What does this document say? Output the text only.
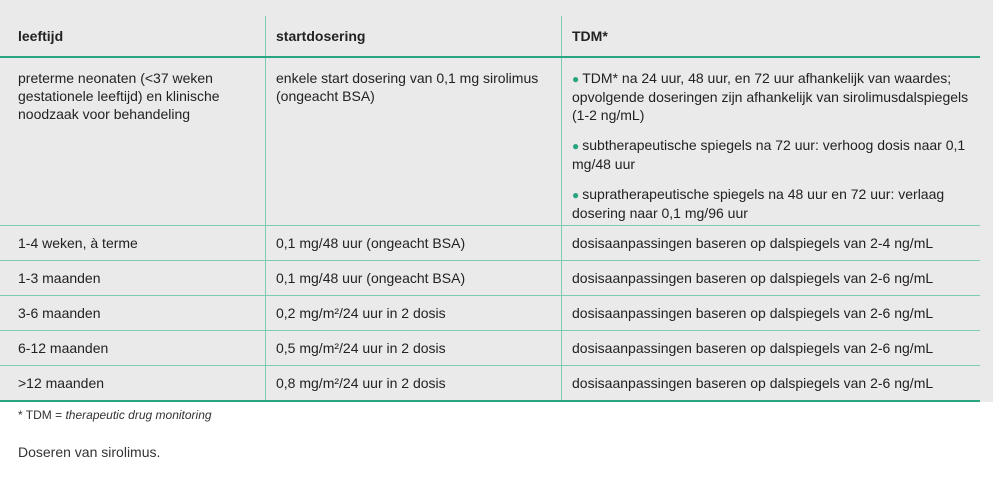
leeftijd	startdosering	TDM*
preterme neonaten (<37 weken gestationele leeftijd) en klinische noodzaak voor behandeling	enkele start dosering van 0,1 mg sirolimus (ongeacht BSA)	● TDM* na 24 uur, 48 uur, en 72 uur afhankelijk van waardes; opvolgende doseringen zijn afhankelijk van sirolimusdalspiegels (1-2 ng/mL)
● subtherapeutische spiegels na 72 uur: verhoog dosis naar 0,1 mg/48 uur
● supratherapeutische spiegels na 48 uur en 72 uur: verlaag dosering naar 0,1 mg/96 uur

1-4 weken, à terme	0,1 mg/48 uur (ongeacht BSA)	dosisaanpassingen baseren op dalspiegels van 2-4 ng/mL
1-3 maanden	0,1 mg/48 uur (ongeacht BSA)	dosisaanpassingen baseren op dalspiegels van 2-6 ng/mL
3-6 maanden	0,2 mg/m²/24 uur in 2 dosis	dosisaanpassingen baseren op dalspiegels van 2-6 ng/mL
6-12 maanden	0,5 mg/m²/24 uur in 2 dosis	dosisaanpassingen baseren op dalspiegels van 2-6 ng/mL
>12 maanden	0,8 mg/m²/24 uur in 2 dosis	dosisaanpassingen baseren op dalspiegels van 2-6 ng/mL
* TDM = therapeutic drug monitoring
Doseren van sirolimus.
